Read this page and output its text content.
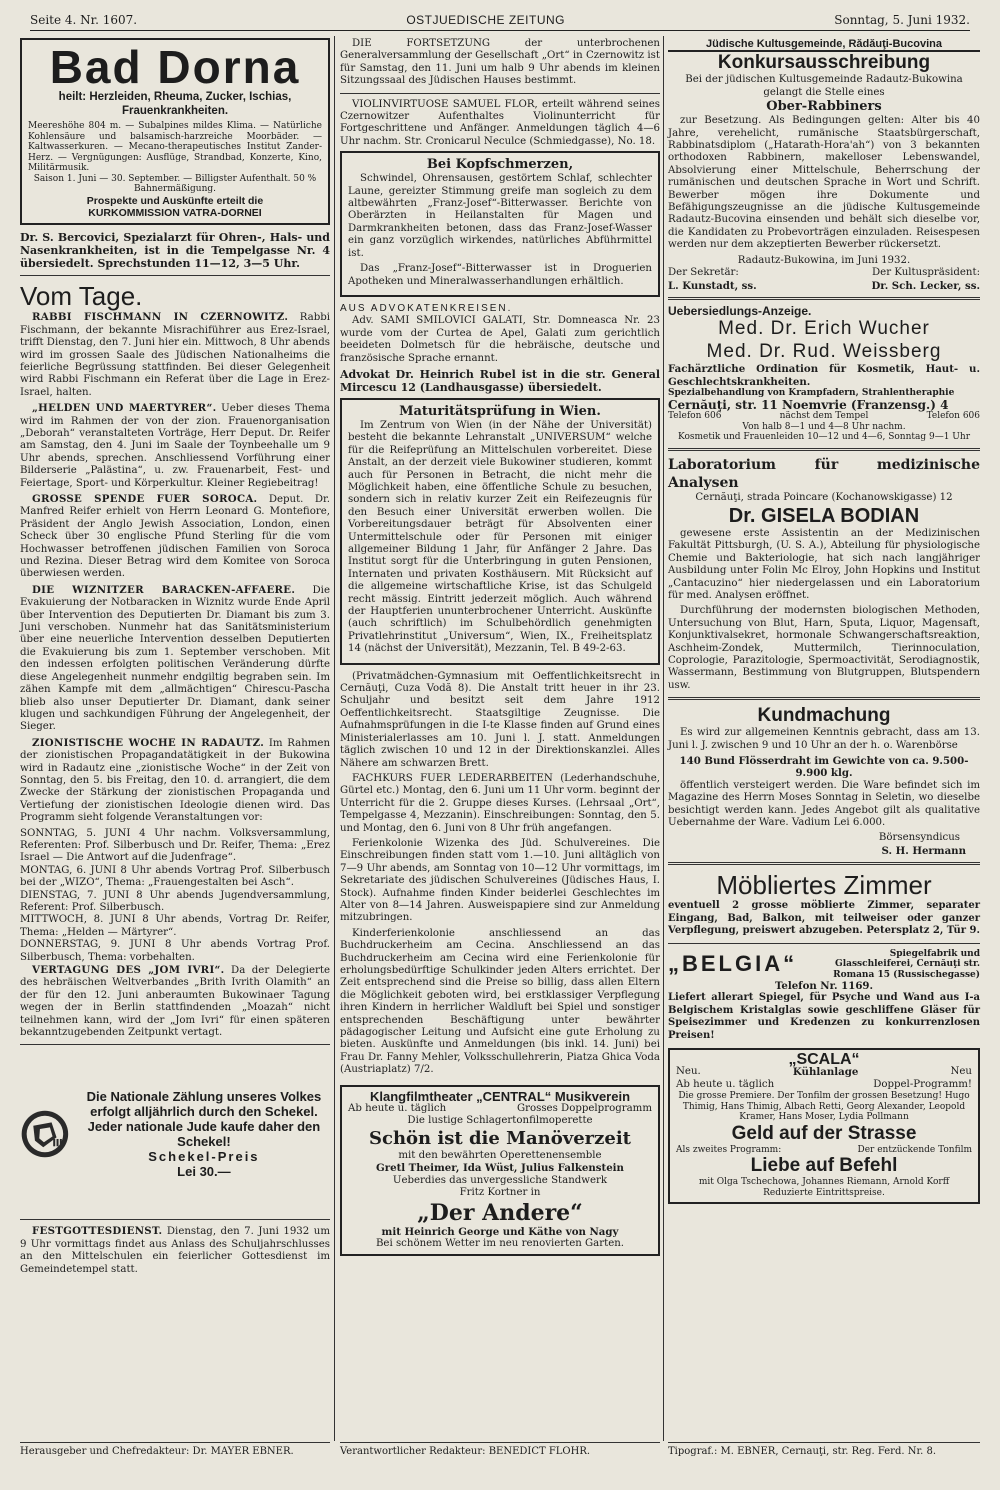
Seite 4. Nr. 1607.	OSTJUEDISCHE ZEITUNG	Sonntag, 5. Juni 1932.
Bad Dorna
heilt: Herzleiden, Rheuma, Zucker, Ischias, Frauenkrankheiten.
Meereshöhe 804 m. — Subalpines mildes Klima. — Natürliche Kohlensäure und balsamisch-harzreiche Moorbäder. — Kaltwasserkuren. — Mecano-therapeutisches Institut Zander-Herz. — Vergnügungen: Ausflüge, Strandbad, Konzerte, Kino, Militärmusik.
Saison 1. Juni — 30. September. — Billigster Aufenthalt. 50 % Bahnermäßigung.
Prospekte und Auskünfte erteilt die
KURKOMMISSION VATRA-DORNEI
Dr. S. Bercovici, Spezialarzt für Ohren-, Hals- und Nasenkrankheiten, ist in die Tempelgasse Nr. 4 übersiedelt. Sprechstunden 11—12, 3—5 Uhr.
Vom Tage.

RABBI FISCHMANN IN CZERNOWITZ. Rabbi Fischmann, der bekannte Misrachiführer aus Erez-Israel, trifft Dienstag, den 7. Juni hier ein. Mittwoch, 8 Uhr abends wird im grossen Saale des Jüdischen Nationalheims die feierliche Begrüssung stattfinden. Bei dieser Gelegenheit wird Rabbi Fischmann ein Referat über die Lage in Erez-Israel, halten.

„HELDEN UND MAERTYRER“. Ueber dieses Thema wird im Rahmen der von der zion. Frauenorganisation „Deborah“ veranstalteten Vorträge, Herr Deput. Dr. Reifer am Samstag, den 4. Juni im Saale der Toynbeehalle um 9 Uhr abends, sprechen. Anschliessend Vorführung einer Bilderserie „Palästina“, u. zw. Frauenarbeit, Fest- und Feiertage, Sport- und Körperkultur. Kleiner Regiebeitrag!

GROSSE SPENDE FUER SOROCA. Deput. Dr. Manfred Reifer erhielt von Herrn Leonard G. Montefiore, Präsident der Anglo Jewish Association, London, einen Scheck über 30 englische Pfund Sterling für die vom Hochwasser betroffenen jüdischen Familien von Soroca und Rezina. Dieser Betrag wird dem Komitee von Soroca überwiesen werden.

DIE WIZNITZER BARACKEN-AFFAERE. Die Evakuierung der Notbaracken in Wiznitz wurde Ende April über Intervention des Deputierten Dr. Diamant bis zum 3. Juni verschoben. Nunmehr hat das Sanitätsministerium über eine neuerliche Intervention desselben Deputierten die Evakuierung bis zum 1. September verschoben. Mit den indessen erfolgten politischen Veränderung dürfte diese Angelegenheit nunmehr endgiltig begraben sein. Im zähen Kampfe mit dem „allmächtigen“ Chirescu-Pascha blieb also unser Deputierter Dr. Diamant, dank seiner klugen und sachkundigen Führung der Angelegenheit, der Sieger.

ZIONISTISCHE WOCHE IN RADAUTZ. Im Rahmen der zionistischen Propagandatätigkeit in der Bukowina wird in Radautz eine „zionistische Woche“ in der Zeit von Sonntag, den 5. bis Freitag, den 10. d. arrangiert, die dem Zwecke der Stärkung der zionistischen Propaganda und Vertiefung der zionistischen Ideologie dienen wird. Das Programm sieht folgende Veranstaltungen vor:

SONNTAG, 5. JUNI 4 Uhr nachm. Volksversammlung, Referenten: Prof. Silberbusch und Dr. Reifer, Thema: „Erez Israel — Die Antwort auf die Judenfrage“.
MONTAG, 6. JUNI 8 Uhr abends Vortrag Prof. Silberbusch bei der „WIZO“, Thema: „Frauengestalten bei Asch“.
DIENSTAG, 7. JUNI 8 Uhr abends Jugendversammlung, Referent: Prof. Silberbusch.
MITTWOCH, 8. JUNI 8 Uhr abends, Vortrag Dr. Reifer, Thema: „Helden — Märtyrer“.
DONNERSTAG, 9. JUNI 8 Uhr abends Vortrag Prof. Silberbusch, Thema: vorbehalten.

VERTAGUNG DES „JOM IVRI“. Da der Delegierte des hebräischen Weltverbandes „Brith Ivrith Olamith“ an der für den 12. Juni anberaumten Bukowinaer Tagung wegen der in Berlin stattfindenden „Moazah“ nicht teilnehmen kann, wird der „Jom Ivri“ für einen späteren bekanntzugebenden Zeitpunkt vertagt.

Die Nationale Zählung unseres Volkes erfolgt alljährlich durch den Schekel. Jeder nationale Jude kaufe daher den Schekel!
Schekel-Preis
Lei 30.—

FESTGOTTESDIENST. Dienstag, den 7. Juni 1932 um 9 Uhr vormittags findet aus Anlass des Schuljahrschlusses an den Mittelschulen ein feierlicher Gottesdienst im Gemeindetempel statt.

DIE FORTSETZUNG der unterbrochenen Generalversammlung der Gesellschaft „Ort“ in Czernowitz ist für Samstag, den 11. Juni um halb 9 Uhr abends im kleinen Sitzungssaal des Jüdischen Hauses bestimmt.

VIOLINVIRTUOSE SAMUEL FLOR, erteilt während seines Czernowitzer Aufenthaltes Violinunterricht für Fortgeschrittene und Anfänger. Anmeldungen täglich 4—6 Uhr nachm. Str. Cronicarul Neculce (Schmiedgasse), No. 18.

Bei Kopfschmerzen,

Schwindel, Ohrensausen, gestörtem Schlaf, schlechter Laune, gereizter Stimmung greife man sogleich zu dem altbewährten „Franz-Josef“-Bitterwasser. Berichte von Oberärzten in Heilanstalten für Magen und Darmkrankheiten betonen, dass das Franz-Josef-Wasser ein ganz vorzüglich wirkendes, natürliches Abführmittel ist.

Das „Franz-Josef“-Bitterwasser ist in Droguerien Apotheken und Mineralwasserhandlungen erhältlich.

AUS ADVOKATENKREISEN.

Adv. SAMI SMILOVICI GALATI, Str. Domneasca Nr. 23 wurde vom der Curtea de Apel, Galati zum gerichtlich beeideten Dolmetsch für die hebräische, deutsche und französische Sprache ernannt.

Advokat Dr. Heinrich Rubel ist in die str. General Mircescu 12 (Landhausgasse) übersiedelt.
Maturitätsprüfung in Wien.

Im Zentrum von Wien (in der Nähe der Universität) besteht die bekannte Lehranstalt „UNIVERSUM“ welche für die Reifeprüfung an Mittelschulen vorbereitet. Diese Anstalt, an der derzeit viele Bukowiner studieren, kommt auch für Personen in Betracht, die nicht mehr die Möglichkeit haben, eine öffentliche Schule zu besuchen, sondern sich in relativ kurzer Zeit ein Reifezeugnis für den Besuch einer Universität erwerben wollen. Die Vorbereitungsdauer beträgt für Absolventen einer Untermittelschule oder für Personen mit einiger allgemeiner Bildung 1 Jahr, für Anfänger 2 Jahre. Das Institut sorgt für die Unterbringung in guten Pensionen, Internaten und privaten Kosthäusern. Mit Rücksicht auf die allgemeine wirtschaftliche Krise, ist das Schulgeld recht mässig. Eintritt jederzeit möglich. Auch während der Hauptferien ununterbrochener Unterricht. Auskünfte (auch schriftlich) im Schulbehördlich genehmigten Privatlehrinstitut „Universum“, Wien, IX., Freiheitsplatz 14 (nächst der Universität), Mezzanin, Tel. B 49-2-63.

(Privatmädchen-Gymnasium mit Oeffentlichkeitsrecht in Cernăuţi, Cuza Vodă 8). Die Anstalt tritt heuer in ihr 23. Schuljahr und besitzt seit dem Jahre 1912 Oeffentlichkeitsrecht. Staatsgiltige Zeugnisse. Die Aufnahmsprüfungen in die I-te Klasse finden auf Grund eines Ministerialerlasses am 10. Juni l. J. statt. Anmeldungen täglich zwischen 10 und 12 in der Direktionskanzlei. Alles Nähere am schwarzen Brett.

FACHKURS FUER LEDERARBEITEN (Lederhandschuhe, Gürtel etc.) Montag, den 6. Juni um 11 Uhr vorm. beginnt der Unterricht für die 2. Gruppe dieses Kurses. (Lehrsaal „Ort“, Tempelgasse 4, Mezzanin). Einschreibungen: Sonntag, den 5. und Montag, den 6. Juni von 8 Uhr früh angefangen.

Ferienkolonie Wizenka des Jüd. Schulvereines. Die Einschreibungen finden statt vom 1.—10. Juni alltäglich von 7—9 Uhr abends, am Sonntag von 10—12 Uhr vormittags, im Sekretariate des jüdischen Schulvereines (Jüdisches Haus, I. Stock). Aufnahme finden Kinder beiderlei Geschlechtes im Alter von 8—14 Jahren. Ausweispapiere sind zur Anmeldung mitzubringen.

Kinderferienkolonie anschliessend an das Buchdruckerheim am Cecina. Anschliessend an das Buchdruckerheim am Cecina wird eine Ferienkolonie für erholungsbedürftige Schulkinder jeden Alters errichtet. Der Zeit entsprechend sind die Preise so billig, dass allen Eltern die Möglichkeit geboten wird, bei erstklassiger Verpflegung ihren Kindern in herrlicher Waldluft bei Spiel und sonstiger entsprechenden Beschäftigung unter bewährter pädagogischer Leitung und Aufsicht eine gute Erholung zu bieten. Auskünfte und Anmeldungen (bis inkl. 14. Juni) bei Frau Dr. Fanny Mehler, Volksschullehrerin, Piatza Ghica Voda (Austriaplatz) 7/2.

Klangfilmtheater „CENTRAL“ Musikverein
Ab heute u. täglich	Grosses Doppelprogramm
Die lustige Schlagertonfilmoperette
Schön ist die Manöverzeit
mit den bewährten Operettenensemble
Gretl Theimer, Ida Wüst, Julius Falkenstein
Ueberdies das unvergessliche Standwerk
Fritz Kortner in
„Der Andere“
mit Heinrich George und Käthe von Nagy
Bei schönem Wetter im neu renovierten Garten.
Jüdische Kultusgemeinde, Rădăuţi-Bucovina
Konkursausschreibung
Bei der jüdischen Kultusgemeinde Radautz-Bukowina gelangt die Stelle eines
Ober-Rabbiners

zur Besetzung. Als Bedingungen gelten: Alter bis 40 Jahre, verehelicht, rumänische Staatsbürgerschaft, Rabbinatsdiplom („Hatarath-Hora'ah“) von 3 bekannten orthodoxen Rabbinern, makelloser Lebenswandel, Absolvierung einer Mittelschule, Beherrschung der rumänischen und deutschen Sprache in Wort und Schrift. Bewerber mögen ihre Dokumente und Befähigungszeugnisse an die jüdische Kultusgemeinde Radautz-Bucovina einsenden und behält sich dieselbe vor, die Kandidaten zu Probevorträgen einzuladen. Reisespesen werden nur dem akzeptierten Bewerber rückersetzt.

Radautz-Bukowina, im Juni 1932.
Der Sekretär:	Der Kultuspräsident:
L. Kunstadt, ss.	Dr. Sch. Lecker, ss.
Uebersiedlungs-Anzeige.
Med. Dr. Erich Wucher
Med. Dr. Rud. Weissberg
Fachärztliche Ordination für Kosmetik, Haut- u. Geschlechtskrankheiten.
Spezialbehandlung von Krampfadern, Strahlentheraphie
Cernăuţi, str. 11 Noemvrie (Franzensg.) 4
Telefon 606	nächst dem Tempel	Telefon 606
Von halb 8—1 und 4—8 Uhr nachm.
Kosmetik und Frauenleiden 10—12 und 4—6, Sonntag 9—1 Uhr
Laboratorium für medizinische Analysen
Cernăuţi, strada Poincare (Kochanowskigasse) 12
Dr. GISELA BODIAN

gewesene erste Assistentin an der Medizinischen Fakultät Pittsburgh, (U. S. A.), Abteilung für physiologische Chemie und Bakteriologie, hat sich nach langjähriger Ausbildung unter Folin Mc Elroy, John Hopkins und Institut „Cantacuzino“ hier niedergelassen und ein Laboratorium für med. Analysen eröffnet.

Durchführung der modernsten biologischen Methoden, Untersuchung von Blut, Harn, Sputa, Liquor, Magensaft, Konjunktivalsekret, hormonale Schwangerschaftsreaktion, Aschheim-Zondek, Muttermilch, Tierinnoculation, Coprologie, Parazitologie, Spermoactivität, Serodiagnostik, Wassermann, Bestimmung von Blutgruppen, Blutspendern usw.

Kundmachung

Es wird zur allgemeinen Kenntnis gebracht, dass am 13. Juni l. J. zwischen 9 und 10 Uhr an der h. o. Warenbörse

140 Bund Flösserdraht im Gewichte von ca. 9.500-9.900 klg.

öffentlich versteigert werden. Die Ware befindet sich im Magazine des Herrn Moses Sonntag in Seletin, wo dieselbe besichtigt werden kann. Jedes Angebot gilt als qualitative Uebernahme der Ware. Vadium Lei 6.000.

Börsensyndicus
S. H. Hermann
Möbliertes Zimmer
eventuell 2 grosse möblierte Zimmer, separater Eingang, Bad, Balkon, mit teilweiser oder ganzer Verpflegung, preiswert abzugeben. Petersplatz 2, Tür 9.
„BELGIA“	Spiegelfabrik und Glasschleiferei, Cernăuţi str. Romana 15 (Russischegasse)
Telefon Nr. 1169.
Liefert allerart Spiegel, für Psyche und Wand aus I-a Belgischem Kristalglas sowie geschliffene Gläser für Speisezimmer und Kredenzen zu konkurrenzlosen Preisen!
„SCALA“
Neu.	Kühlanlage	Neu
Ab heute u. täglich	Doppel-Programm!
Die grosse Premiere. Der Tonfilm der grossen Besetzung! Hugo Thimig, Hans Thimig, Albach Retti, Georg Alexander, Leopold Kramer, Hans Moser, Lydia Pollmann
Geld auf der Strasse
Als zweites Programm:	Der entzückende Tonfilm
Liebe auf Befehl
mit Olga Tschechowa, Johannes Riemann, Arnold Korff
Reduzierte Eintrittspreise.
Herausgeber und Chefredakteur: Dr. MAYER EBNER.	Verantwortlicher Redakteur: BENEDICT FLOHR.	Tipograf.: M. EBNER, Cernauţi, str. Reg. Ferd. Nr. 8.
